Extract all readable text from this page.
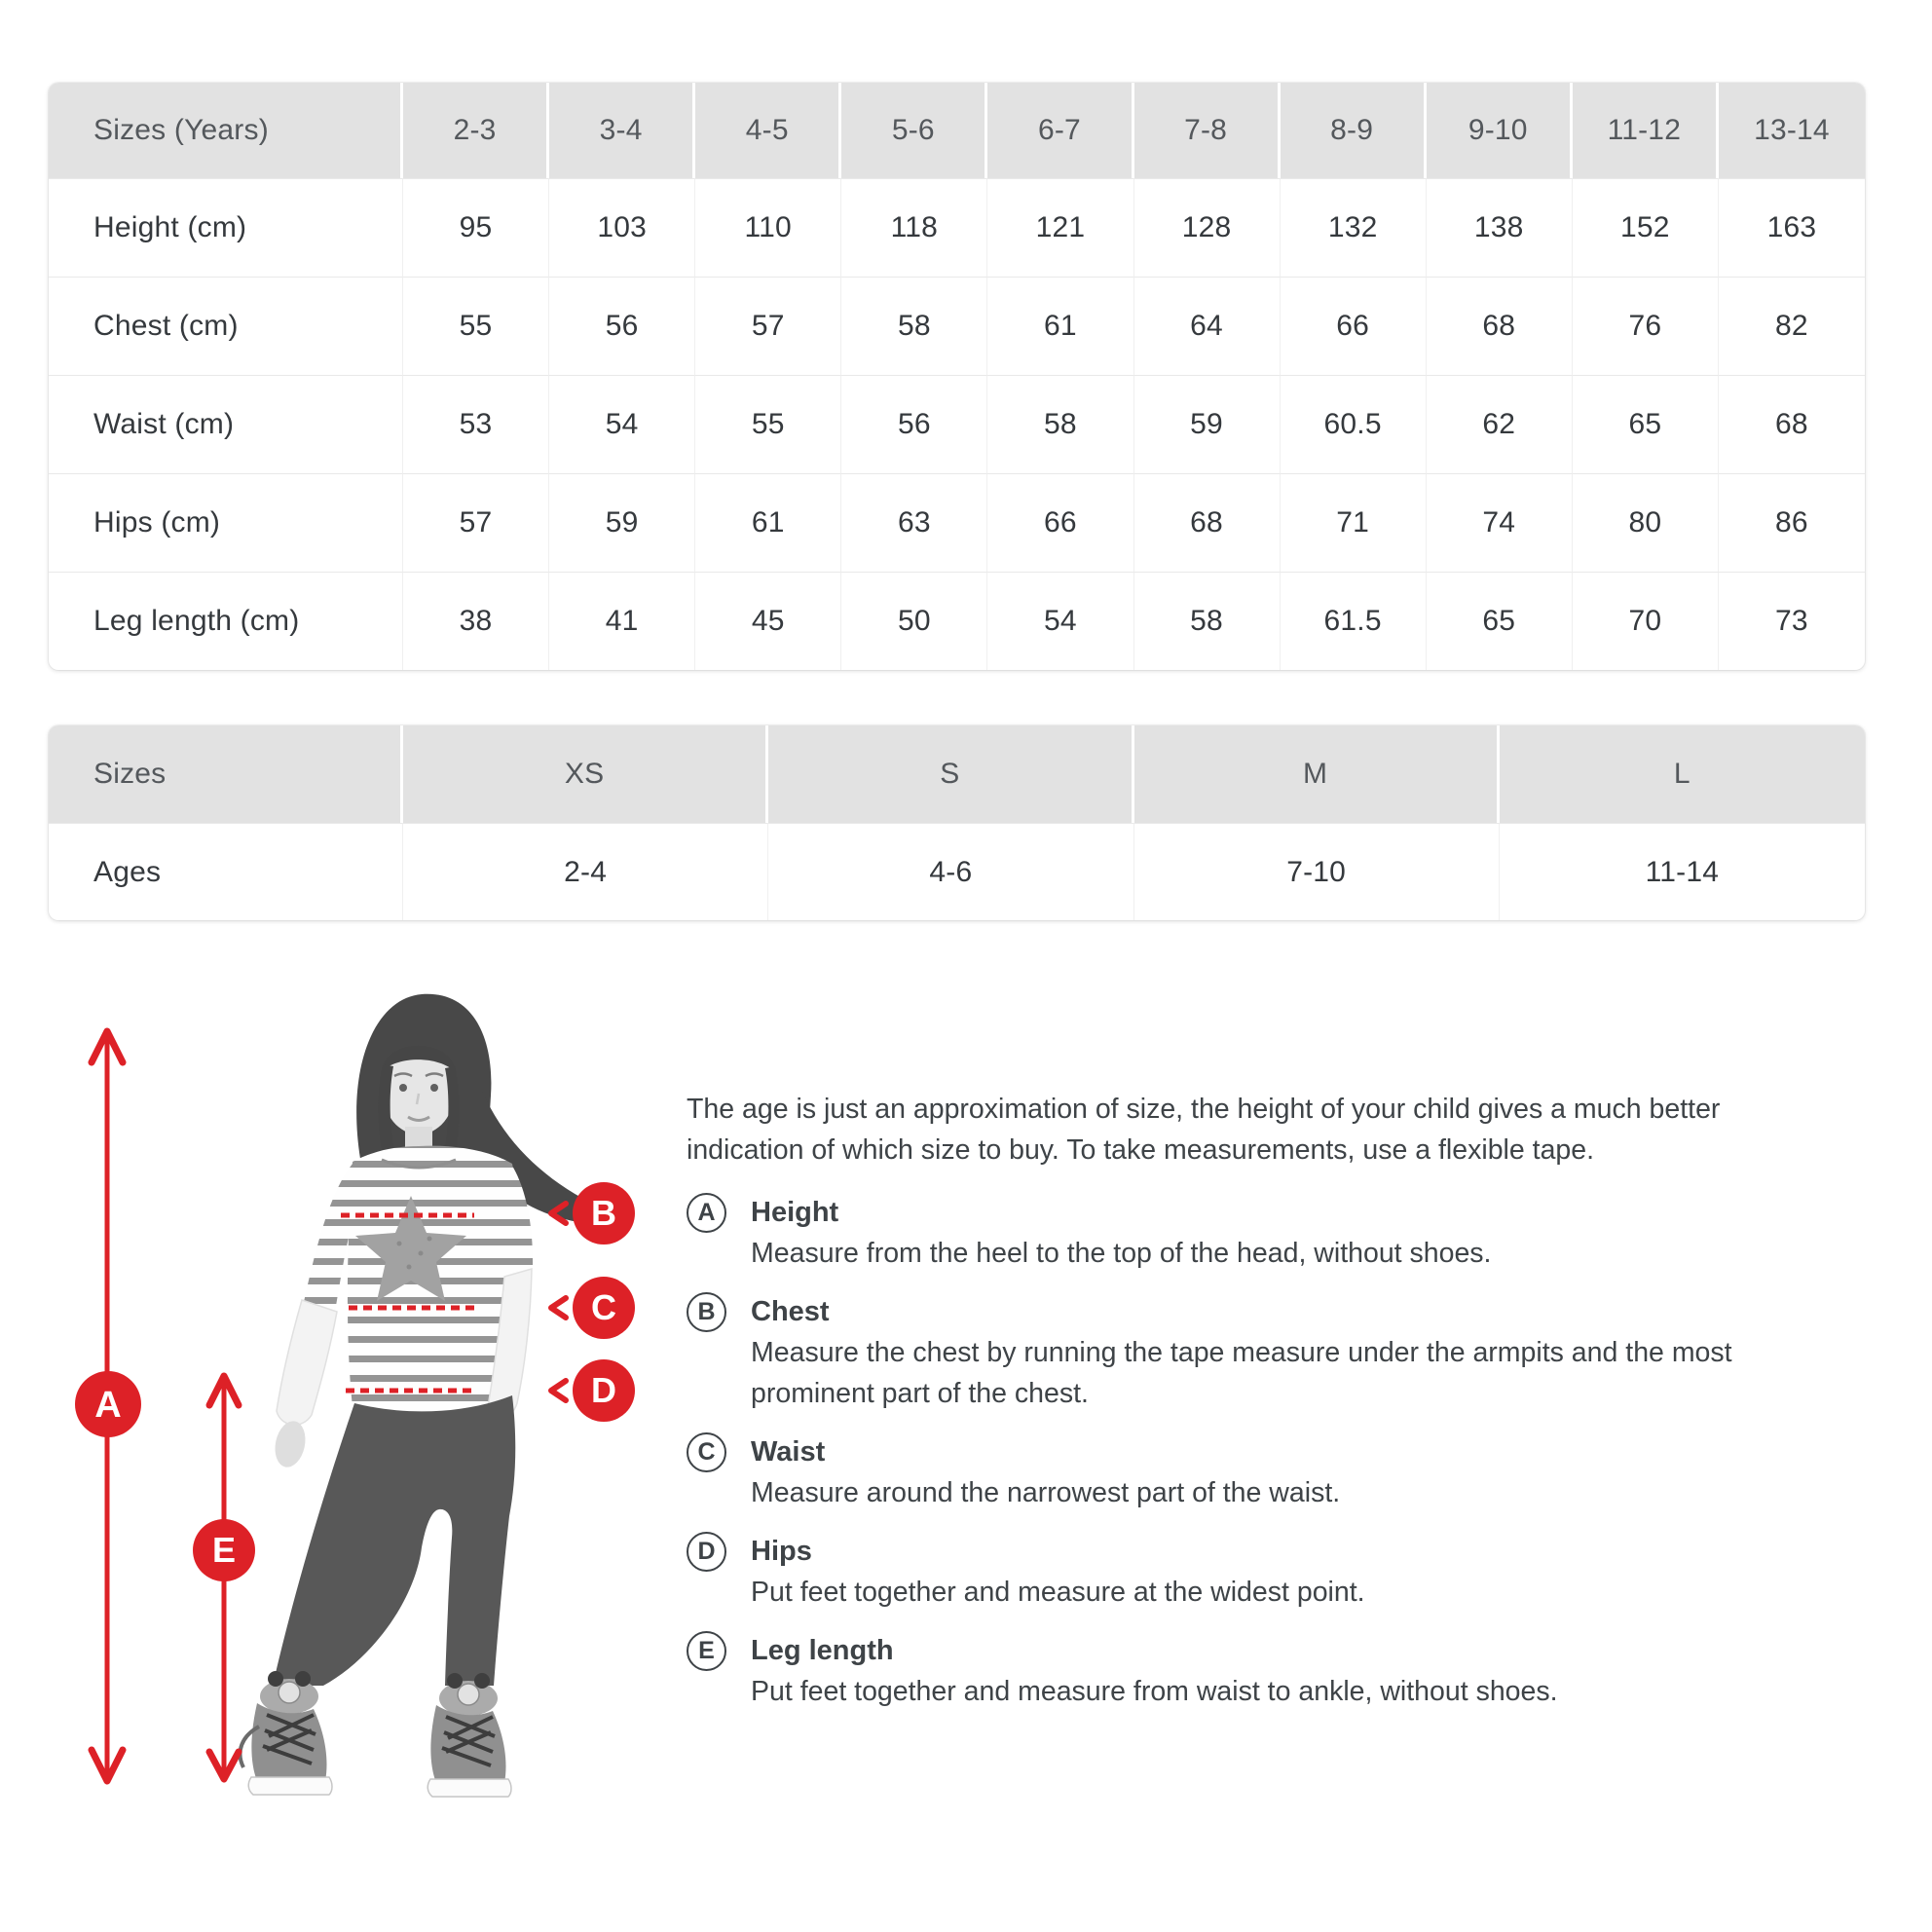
Sizes (Years)	2-3	3-4	4-5	5-6	6-7	7-8	8-9	9-10	11-12	13-14
Height (cm)	95	103	110	118	121	128	132	138	152	163
Chest (cm)	55	56	57	58	61	64	66	68	76	82
Waist (cm)	53	54	55	56	58	59	60.5	62	65	68
Hips (cm)	57	59	61	63	66	68	71	74	80	86
Leg length (cm)	38	41	45	50	54	58	61.5	65	70	73
Sizes	XS	S	M	L
Ages	2-4	4-6	7-10	11-14
A
E
B
C
D
The age is just an approximation of size, the height of your child gives a much better indication of which size to buy. To take measurements, use a flexible tape.
A	Height
Measure from the heel to the top of the head, without shoes.
B	Chest
Measure the chest by running the tape measure under the armpits and the most prominent part of the chest.
C	Waist
Measure around the narrowest part of the waist.
D	Hips
Put feet together and measure at the widest point.
E	Leg length
Put feet together and measure from waist to ankle, without shoes.
